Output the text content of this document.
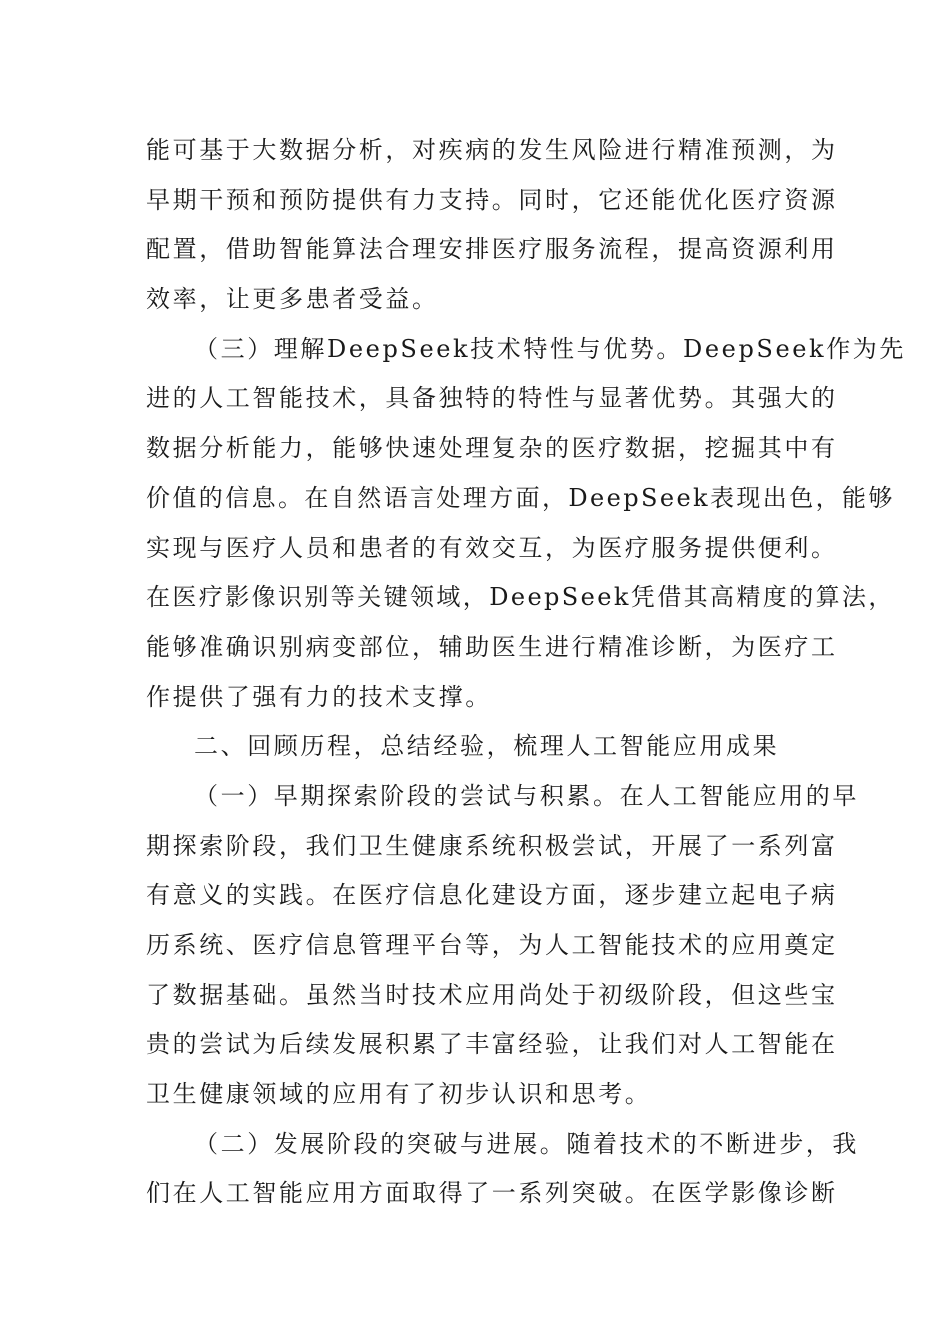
能可基于大数据分析，对疾病的发生风险进行精准预测，为
早期干预和预防提供有力支持。同时，它还能优化医疗资源
配置，借助智能算法合理安排医疗服务流程，提高资源利用
效率，让更多患者受益。
（三）理解DeepSeek技术特性与优势。DeepSeek作为先
进的人工智能技术，具备独特的特性与显著优势。其强大的
数据分析能力，能够快速处理复杂的医疗数据，挖掘其中有
价值的信息。在自然语言处理方面，DeepSeek表现出色，能够
实现与医疗人员和患者的有效交互，为医疗服务提供便利。
在医疗影像识别等关键领域，DeepSeek凭借其高精度的算法，
能够准确识别病变部位，辅助医生进行精准诊断，为医疗工
作提供了强有力的技术支撑。
二、回顾历程，总结经验，梳理人工智能应用成果
（一）早期探索阶段的尝试与积累。在人工智能应用的早
期探索阶段，我们卫生健康系统积极尝试，开展了一系列富
有意义的实践。在医疗信息化建设方面，逐步建立起电子病
历系统、医疗信息管理平台等，为人工智能技术的应用奠定
了数据基础。虽然当时技术应用尚处于初级阶段，但这些宝
贵的尝试为后续发展积累了丰富经验，让我们对人工智能在
卫生健康领域的应用有了初步认识和思考。
（二）发展阶段的突破与进展。随着技术的不断进步，我
们在人工智能应用方面取得了一系列突破。在医学影像诊断
